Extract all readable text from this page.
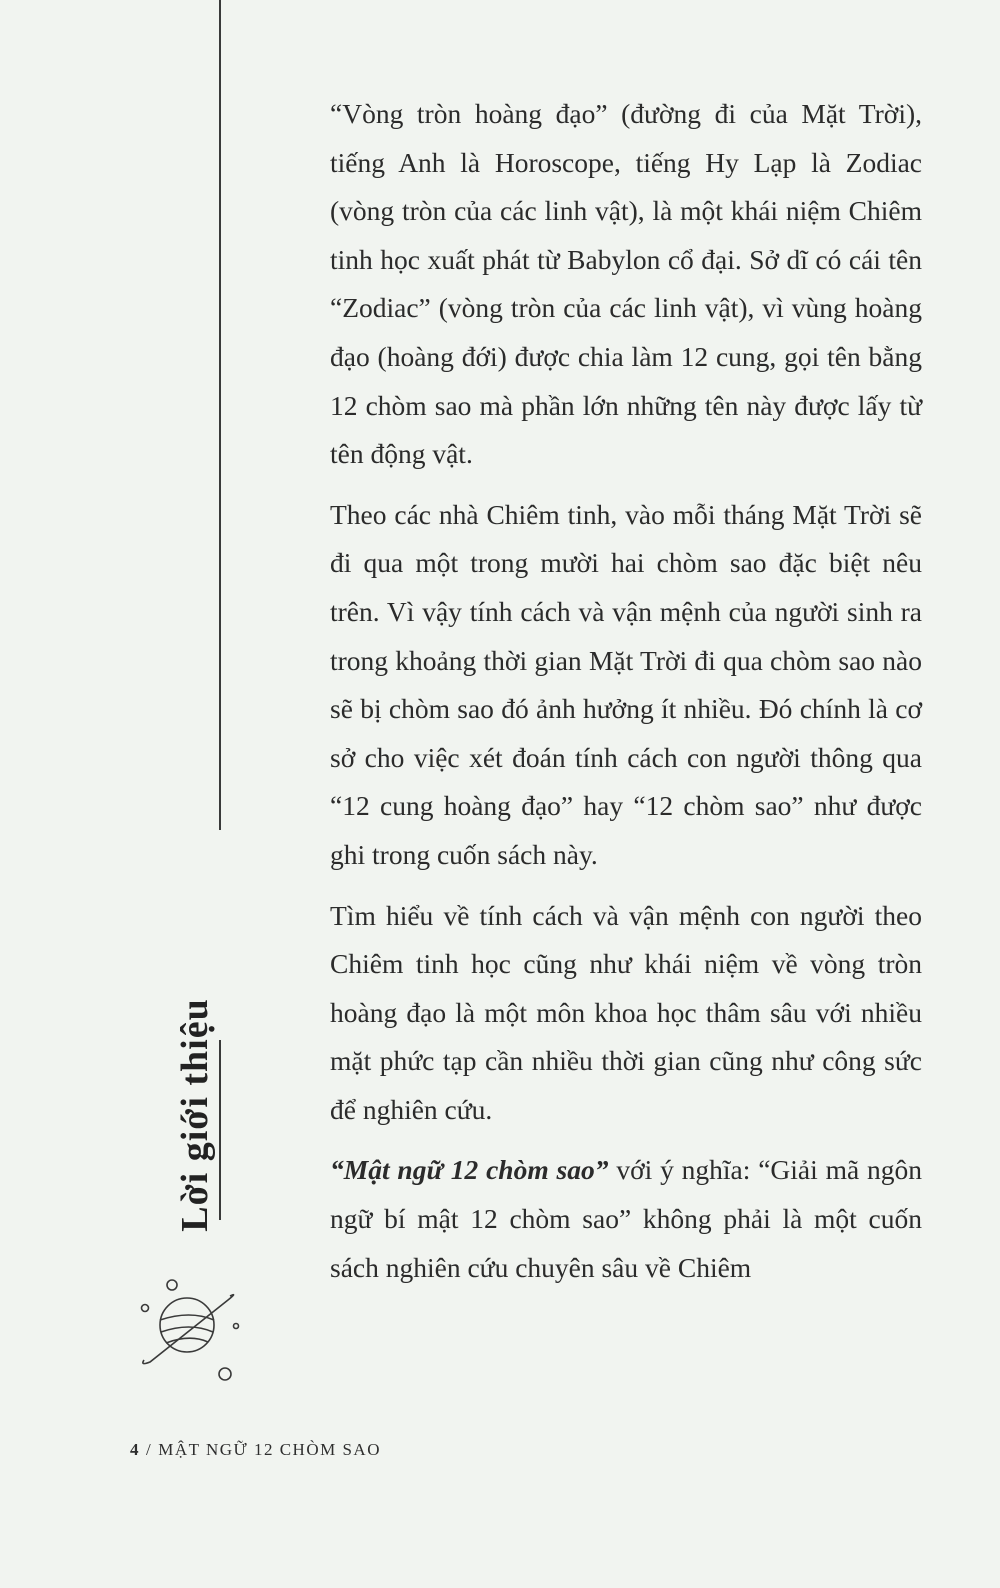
Lời giới thiệu

“Vòng tròn hoàng đạo” (đường đi của Mặt Trời), tiếng Anh là Horoscope, tiếng Hy Lạp là Zodiac (vòng tròn của các linh vật), là một khái niệm Chiêm tinh học xuất phát từ Babylon cổ đại. Sở dĩ có cái tên “Zodiac” (vòng tròn của các linh vật), vì vùng hoàng đạo (hoàng đới) được chia làm 12 cung, gọi tên bằng 12 chòm sao mà phần lớn những tên này được lấy từ tên động vật.

Theo các nhà Chiêm tinh, vào mỗi tháng Mặt Trời sẽ đi qua một trong mười hai chòm sao đặc biệt nêu trên. Vì vậy tính cách và vận mệnh của người sinh ra trong khoảng thời gian Mặt Trời đi qua chòm sao nào sẽ bị chòm sao đó ảnh hưởng ít nhiều. Đó chính là cơ sở cho việc xét đoán tính cách con người thông qua “12 cung hoàng đạo” hay “12 chòm sao” như được ghi trong cuốn sách này.

Tìm hiểu về tính cách và vận mệnh con người theo Chiêm tinh học cũng như khái niệm về vòng tròn hoàng đạo là một môn khoa học thâm sâu với nhiều mặt phức tạp cần nhiều thời gian cũng như công sức để nghiên cứu.

“Mật ngữ 12 chòm sao” với ý nghĩa: “Giải mã ngôn ngữ bí mật 12 chòm sao” không phải là một cuốn sách nghiên cứu chuyên sâu về Chiêm

4 / MẬT NGỮ 12 CHÒM SAO
